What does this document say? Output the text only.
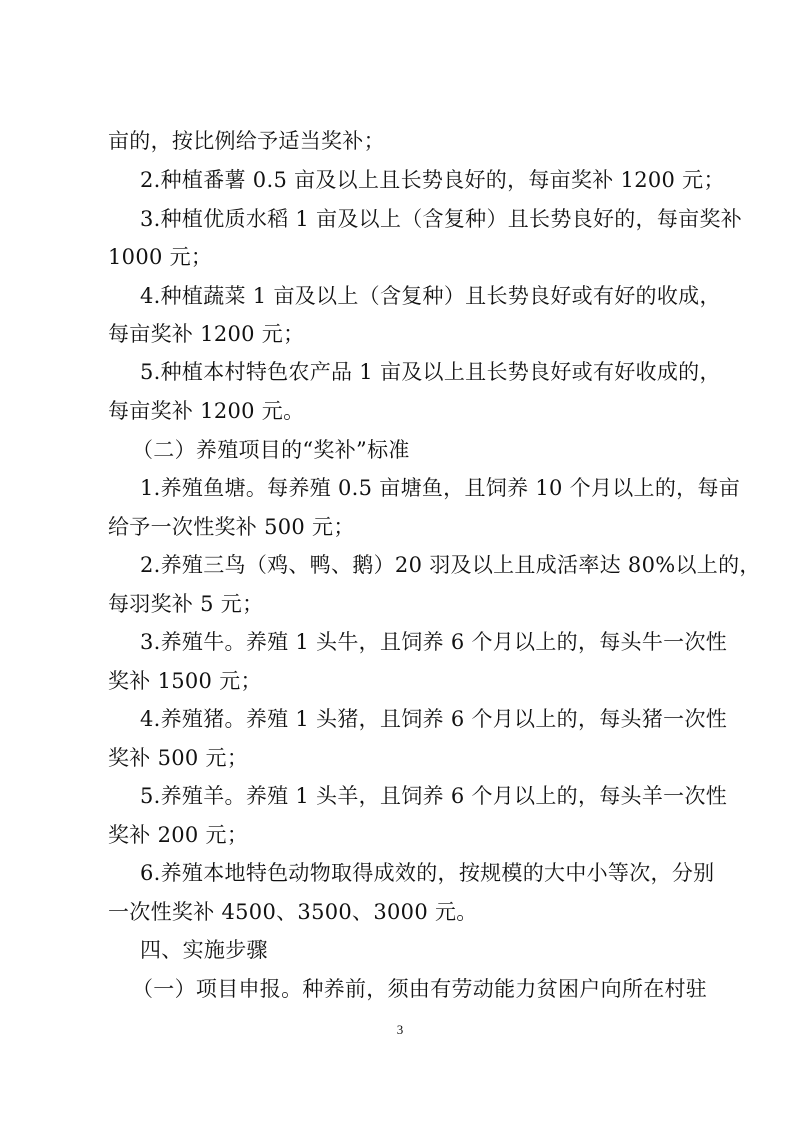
亩的，按比例给予适当奖补；
2.种植番薯 0.5 亩及以上且长势良好的，每亩奖补 1200 元；
3.种植优质水稻 1 亩及以上（含复种）且长势良好的，每亩奖补
1000 元；
4.种植蔬菜 1 亩及以上（含复种）且长势良好或有好的收成，
每亩奖补 1200 元；
5.种植本村特色农产品 1 亩及以上且长势良好或有好收成的，
每亩奖补 1200 元。
（二）养殖项目的“奖补”标准
1.养殖鱼塘。每养殖 0.5 亩塘鱼，且饲养 10 个月以上的，每亩
给予一次性奖补 500 元；
2.养殖三鸟（鸡、鸭、鹅）20 羽及以上且成活率达 80%以上的，
每羽奖补 5 元；
3.养殖牛。养殖 1 头牛，且饲养 6 个月以上的，每头牛一次性
奖补 1500 元；
4.养殖猪。养殖 1 头猪，且饲养 6 个月以上的，每头猪一次性
奖补 500 元；
5.养殖羊。养殖 1 头羊，且饲养 6 个月以上的，每头羊一次性
奖补 200 元；
6.养殖本地特色动物取得成效的，按规模的大中小等次，分别
一次性奖补 4500、3500、3000 元。
四、实施步骤
（一）项目申报。种养前，须由有劳动能力贫困户向所在村驻
3
